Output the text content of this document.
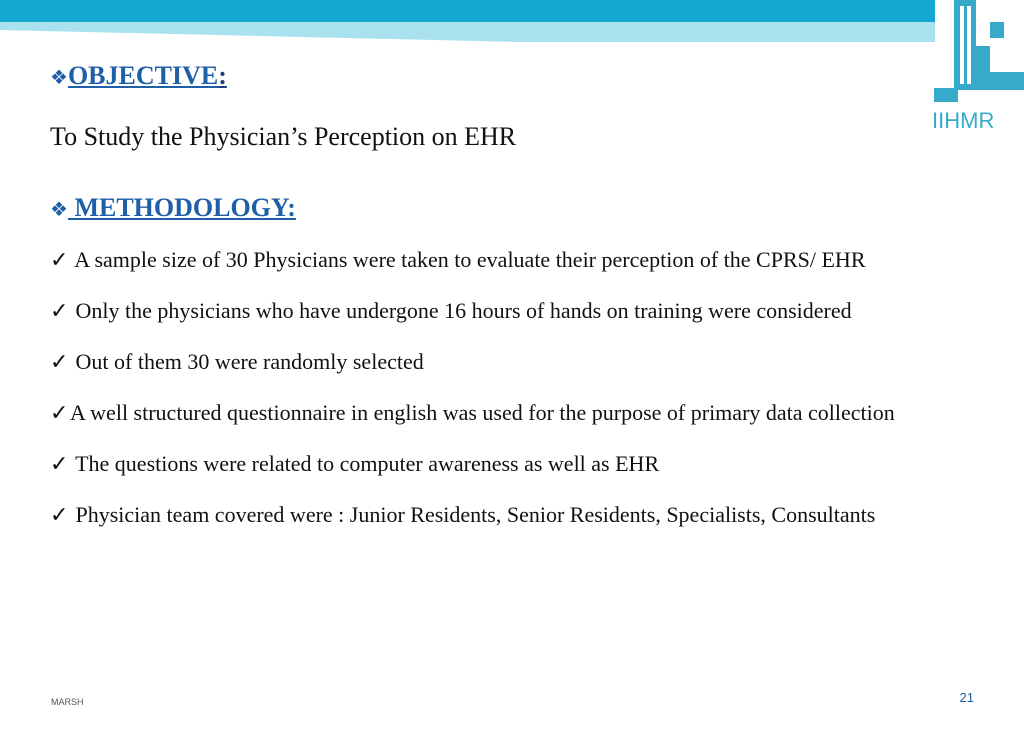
IIHMR
❖OBJECTIVE:
To Study the Physician’s Perception on EHR
❖ METHODOLOGY:
✓ A sample size of 30 Physicians were taken to evaluate their perception of the CPRS/ EHR
✓ Only the physicians who have undergone 16 hours of hands on training were considered
✓ Out of them 30 were randomly selected
✓A well structured questionnaire in english was used for the purpose of primary data collection
✓ The questions were related to computer awareness as well as EHR
✓ Physician team covered were : Junior Residents, Senior Residents, Specialists, Consultants
MARSH	21
